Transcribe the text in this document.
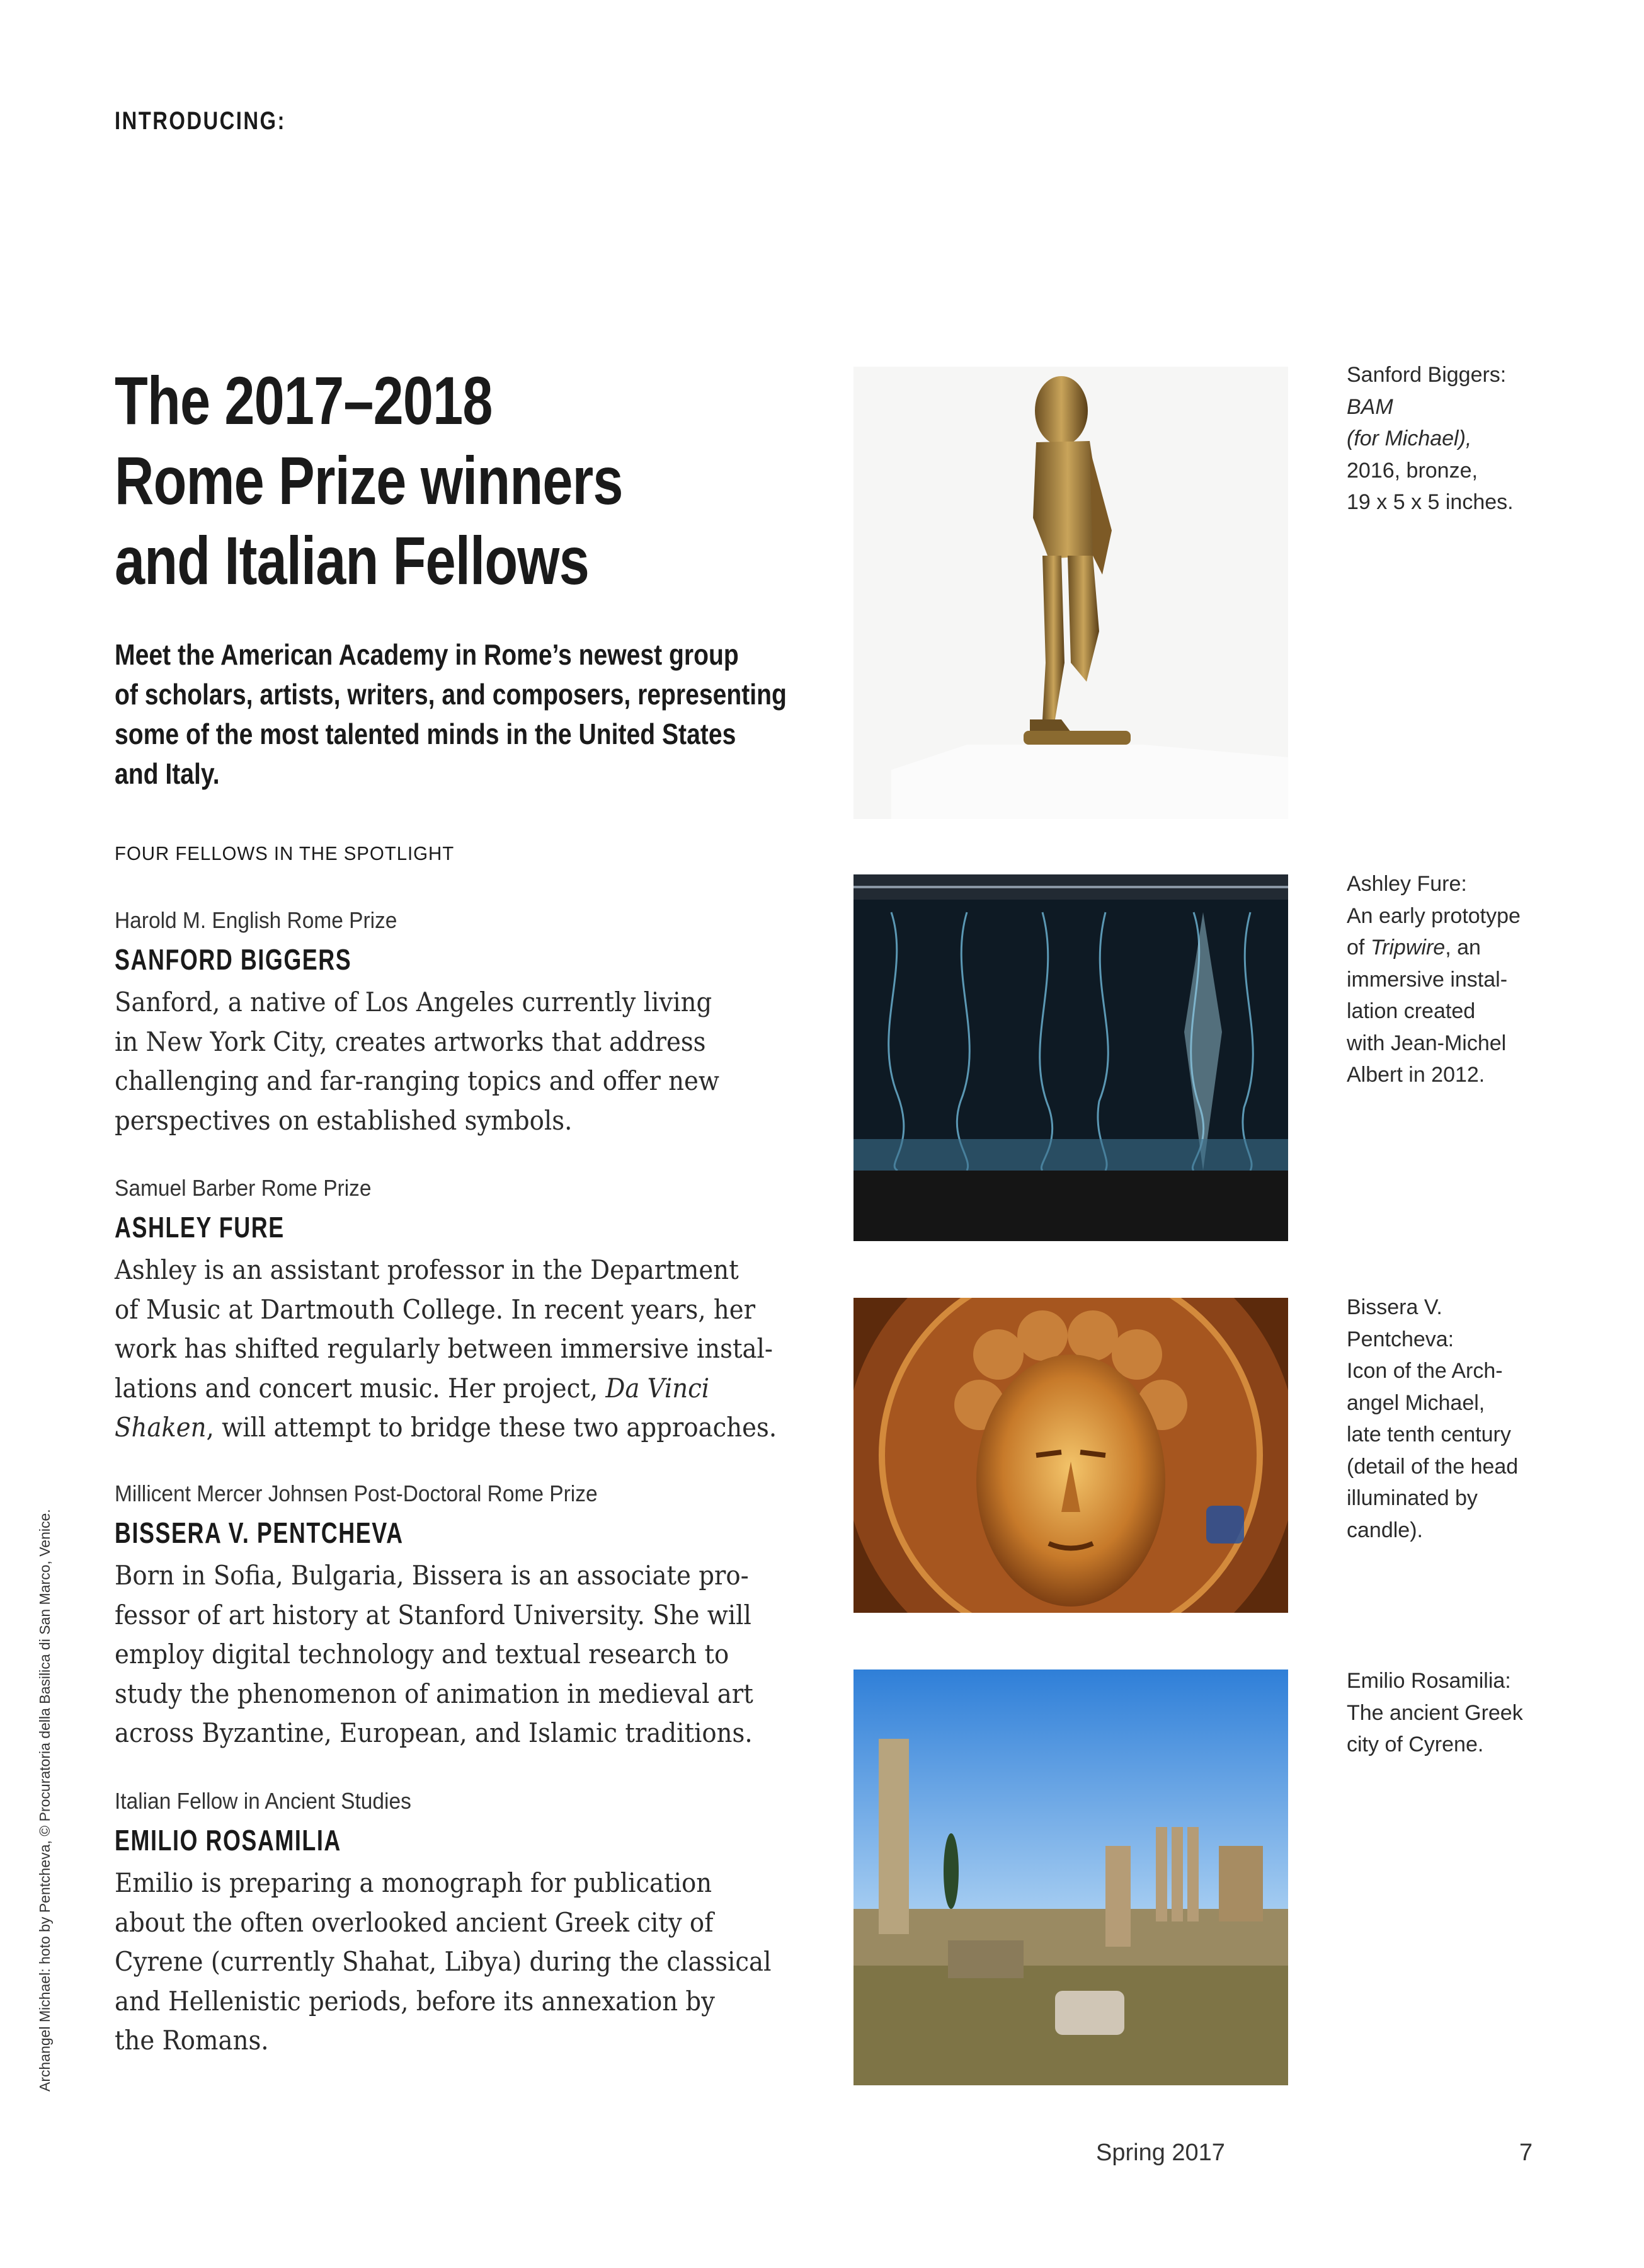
INTRODUCING:
The 2017–2018
Rome Prize winners
and Italian Fellows
Meet the American Academy in Rome’s newest group
of scholars, artists, writers, and composers, representing
some of the most talented minds in the United States
and Italy.
FOUR FELLOWS IN THE SPOTLIGHT
Harold M. English Rome Prize
SANFORD BIGGERS
Sanford, a native of Los Angeles currently living
in New York City, creates artworks that address
challenging and far-ranging topics and offer new
perspectives on established symbols.
Samuel Barber Rome Prize
ASHLEY FURE
Ashley is an assistant professor in the Department
of Music at Dartmouth College. In recent years, her
work has shifted regularly between immersive instal-
lations and concert music. Her project, Da Vinci
Shaken, will attempt to bridge these two approaches.
Millicent Mercer Johnsen Post-Doctoral Rome Prize
BISSERA V. PENTCHEVA
Born in Sofia, Bulgaria, Bissera is an associate pro-
fessor of art history at Stanford University. She will
employ digital technology and textual research to
study the phenomenon of animation in medieval art
across Byzantine, European, and Islamic traditions.
Italian Fellow in Ancient Studies
EMILIO ROSAMILIA
Emilio is preparing a monograph for publication
about the often overlooked ancient Greek city of
Cyrene (currently Shahat, Libya) during the classical
and Hellenistic periods, before its annexation by
the Romans.
Sanford Biggers:
BAM
(for Michael),
2016, bronze,
19 x 5 x 5 inches.
Ashley Fure:
An early prototype
of Tripwire, an
immersive instal-
lation created
with Jean-Michel
Albert in 2012.
Bissera V.
Pentcheva:
Icon of the Arch-
angel Michael,
late tenth century
(detail of the head
illuminated by
candle).
Emilio Rosamilia:
The ancient Greek
city of Cyrene.
Archangel Michael: hoto by Pentcheva, © Procuratoria della Basilica di San Marco, Venice.
Spring 2017	7
